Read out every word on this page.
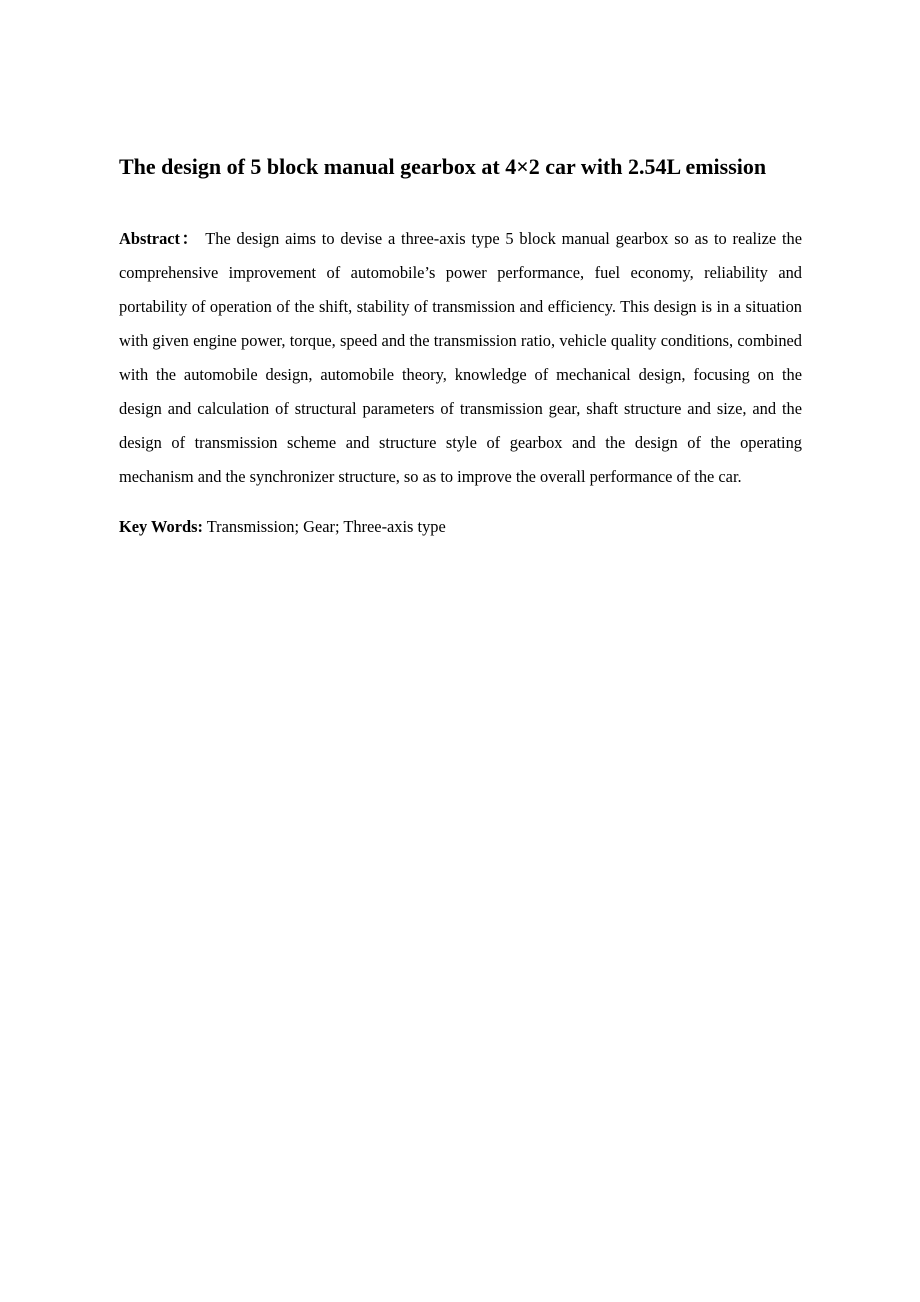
The design of 5 block manual gearbox at 4×2 car with 2.54L emission

Abstract： The design aims to devise a three-axis type 5 block manual gearbox so as to realize the comprehensive improvement of automobile’s power performance, fuel economy, reliability and portability of operation of the shift, stability of transmission and efficiency. This design is in a situation with given engine power, torque, speed and the transmission ratio, vehicle quality conditions, combined with the automobile design, automobile theory, knowledge of mechanical design, focusing on the design and calculation of structural parameters of transmission gear, shaft structure and size, and the design of transmission scheme and structure style of gearbox and the design of the operating mechanism and the synchronizer structure, so as to improve the overall performance of the car.

Key Words: Transmission; Gear; Three-axis type
